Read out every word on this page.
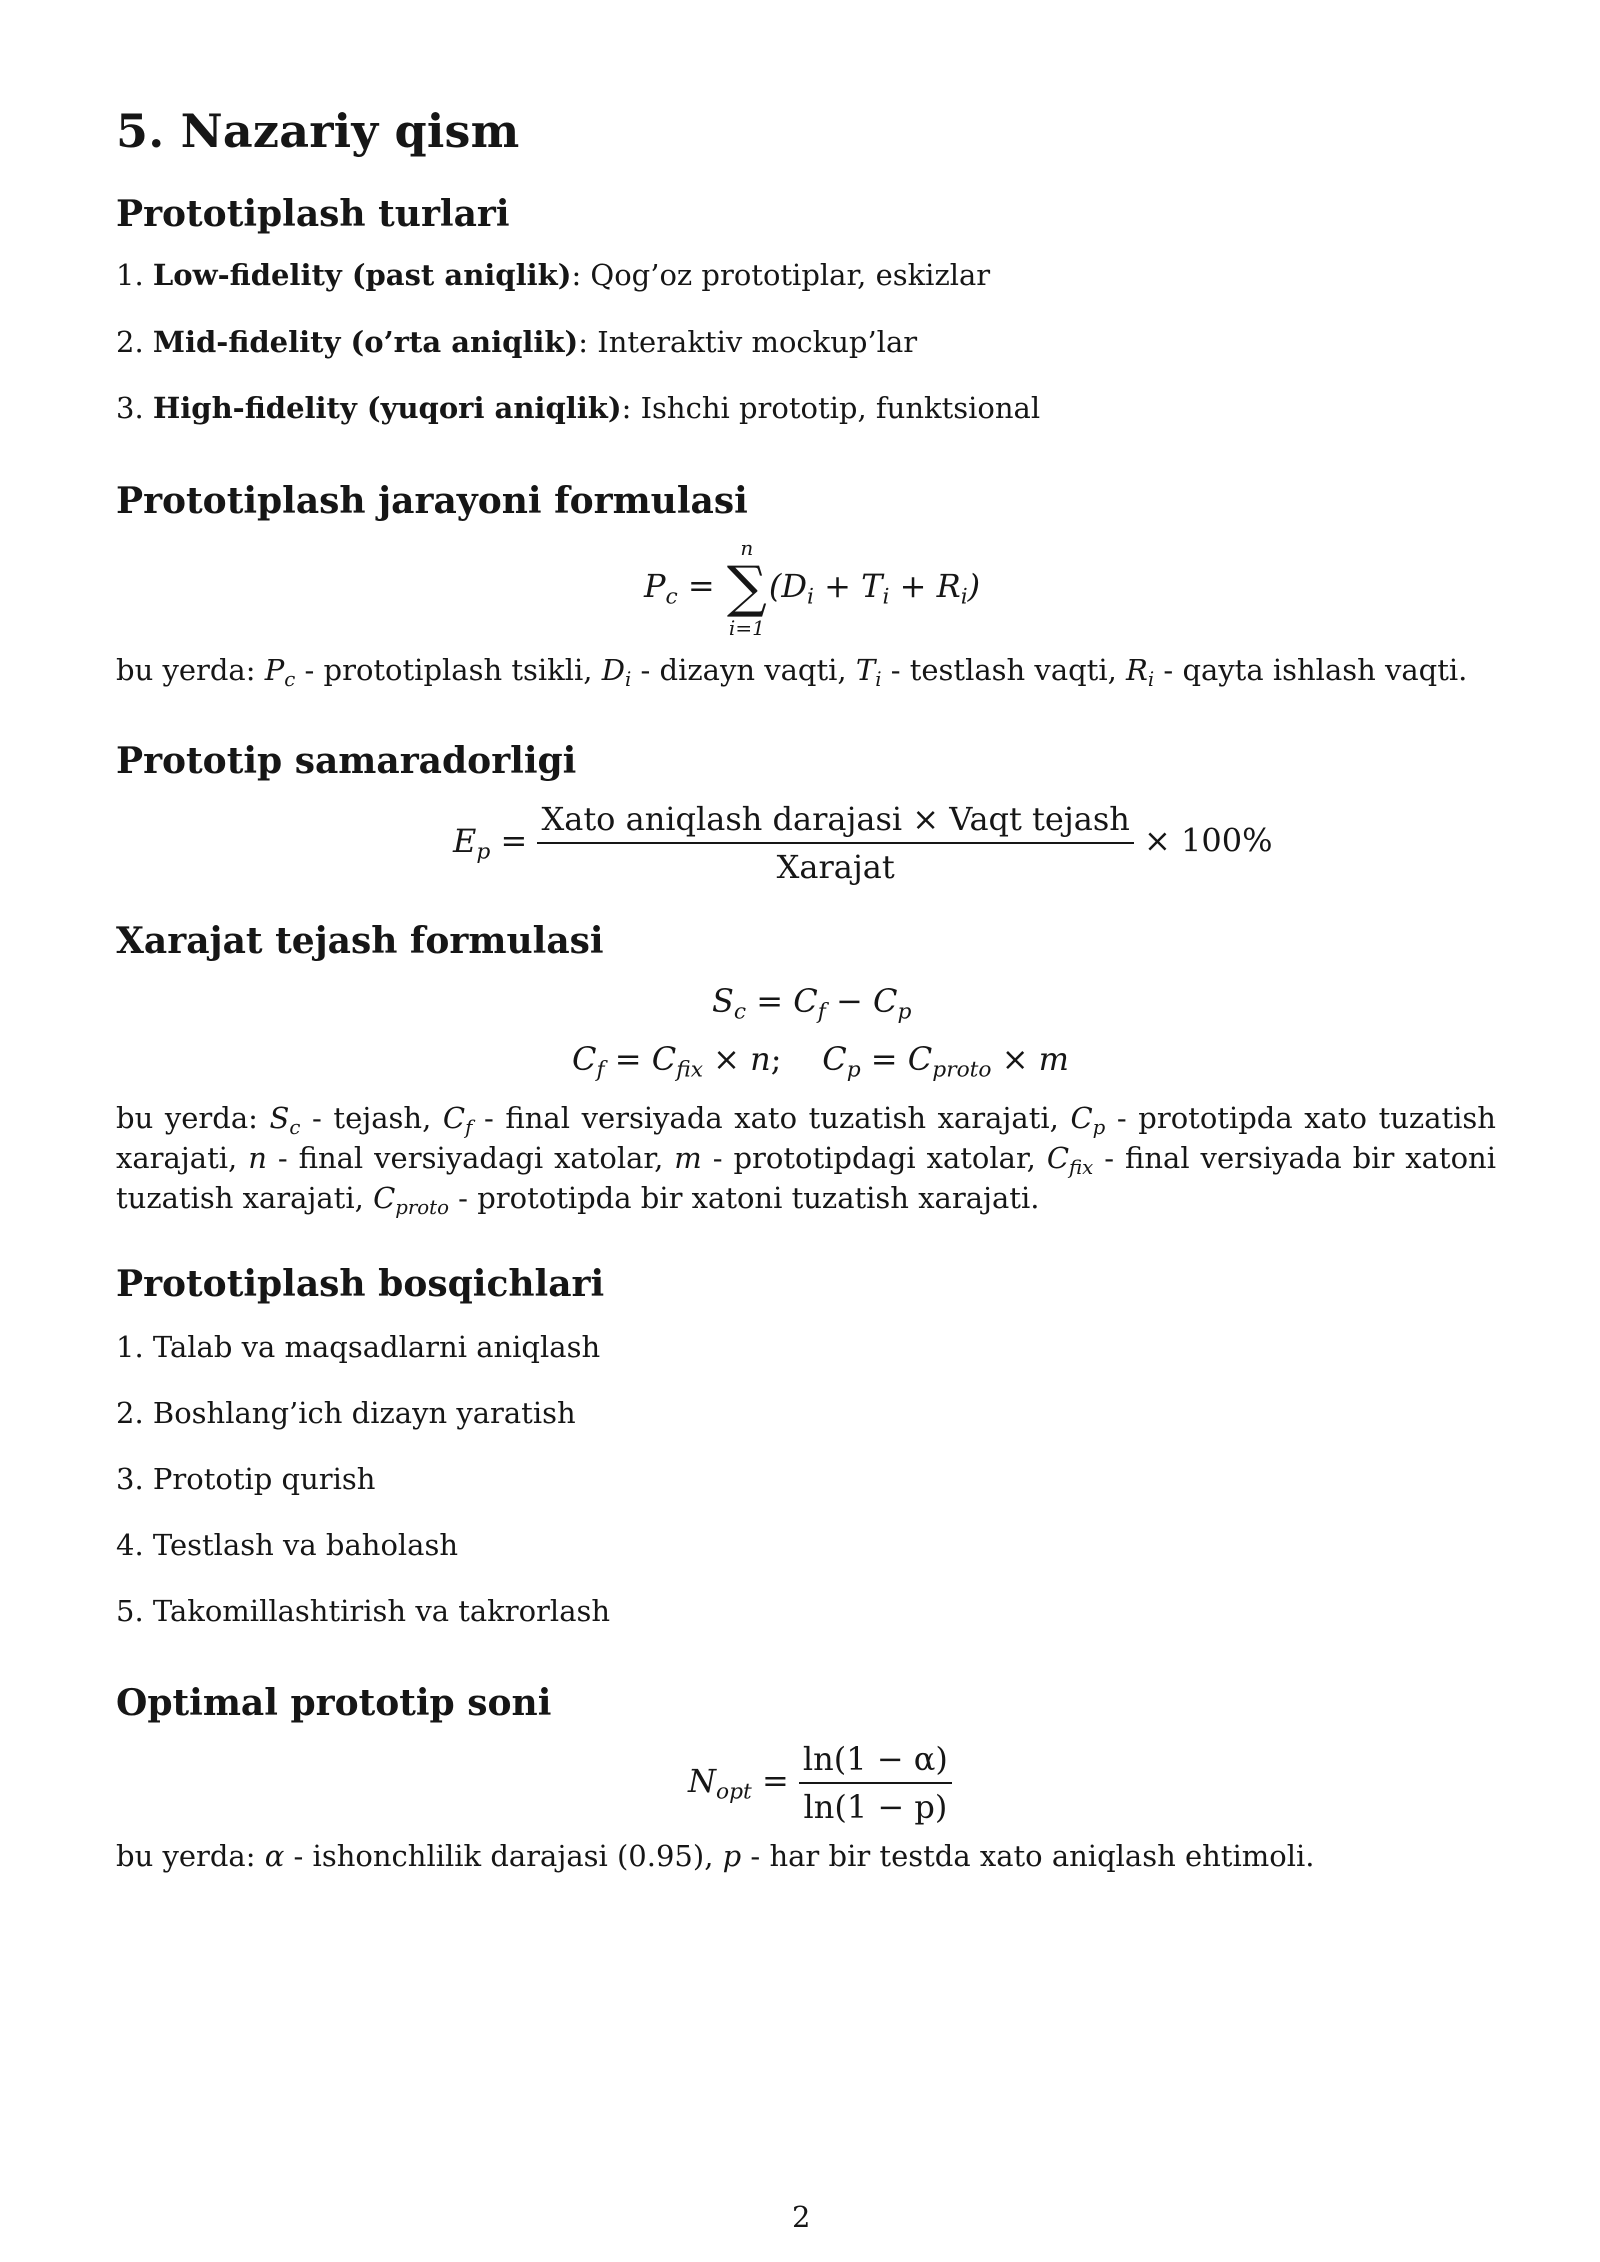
5. Nazariy qism
Prototiplash turlari
1. Low-fidelity (past aniqlik): Qog’oz prototiplar, eskizlar
2. Mid-fidelity (o’rta aniqlik): Interaktiv mockup’lar
3. High-fidelity (yuqori aniqlik): Ishchi prototip, funktsional
Prototiplash jarayoni formulasi
$P_c$ =
n
∑
i=1
$(D_i + T_i + R_i)$
bu yerda: $P_c$ - prototiplash tsikli, $D_i$ - dizayn vaqti, $T_i$ - testlash vaqti, $R_i$ - qayta ishlash vaqti.
Prototip samaradorligi
$E_p = \frac{\text{Xato aniqlash darajasi × Vaqt tejash}}{\text{Xarajat}} \times 100\%$
Xarajat tejash formulasi
$S_c = C_f - C_p$
$C_f = C_{fix} \times n$;    $C_p = C_{proto} \times m$
bu yerda: $S_c$ - tejash, $C_f$ - final versiyada xato tuzatish xarajati, $C_p$ - prototipda xato tuzatish xarajati, n - final versiyadagi xatolar, m - prototipdagi xatolar, $C_{fix}$ - final versiyada bir xatoni tuzatish xarajati, $C_{proto}$ - prototipda bir xatoni tuzatish xarajati.
Prototiplash bosqichlari
1. Talab va maqsadlarni aniqlash
2. Boshlang’ich dizayn yaratish
3. Prototip qurish
4. Testlash va baholash
5. Takomillashtirish va takrorlash
Optimal prototip soni
$N_{opt} = \frac{\ln(1 - \alpha)}{\ln(1 - p)}$
bu yerda: α - ishonchlilik darajasi (0.95), p - har bir testda xato aniqlash ehtimoli.
2
